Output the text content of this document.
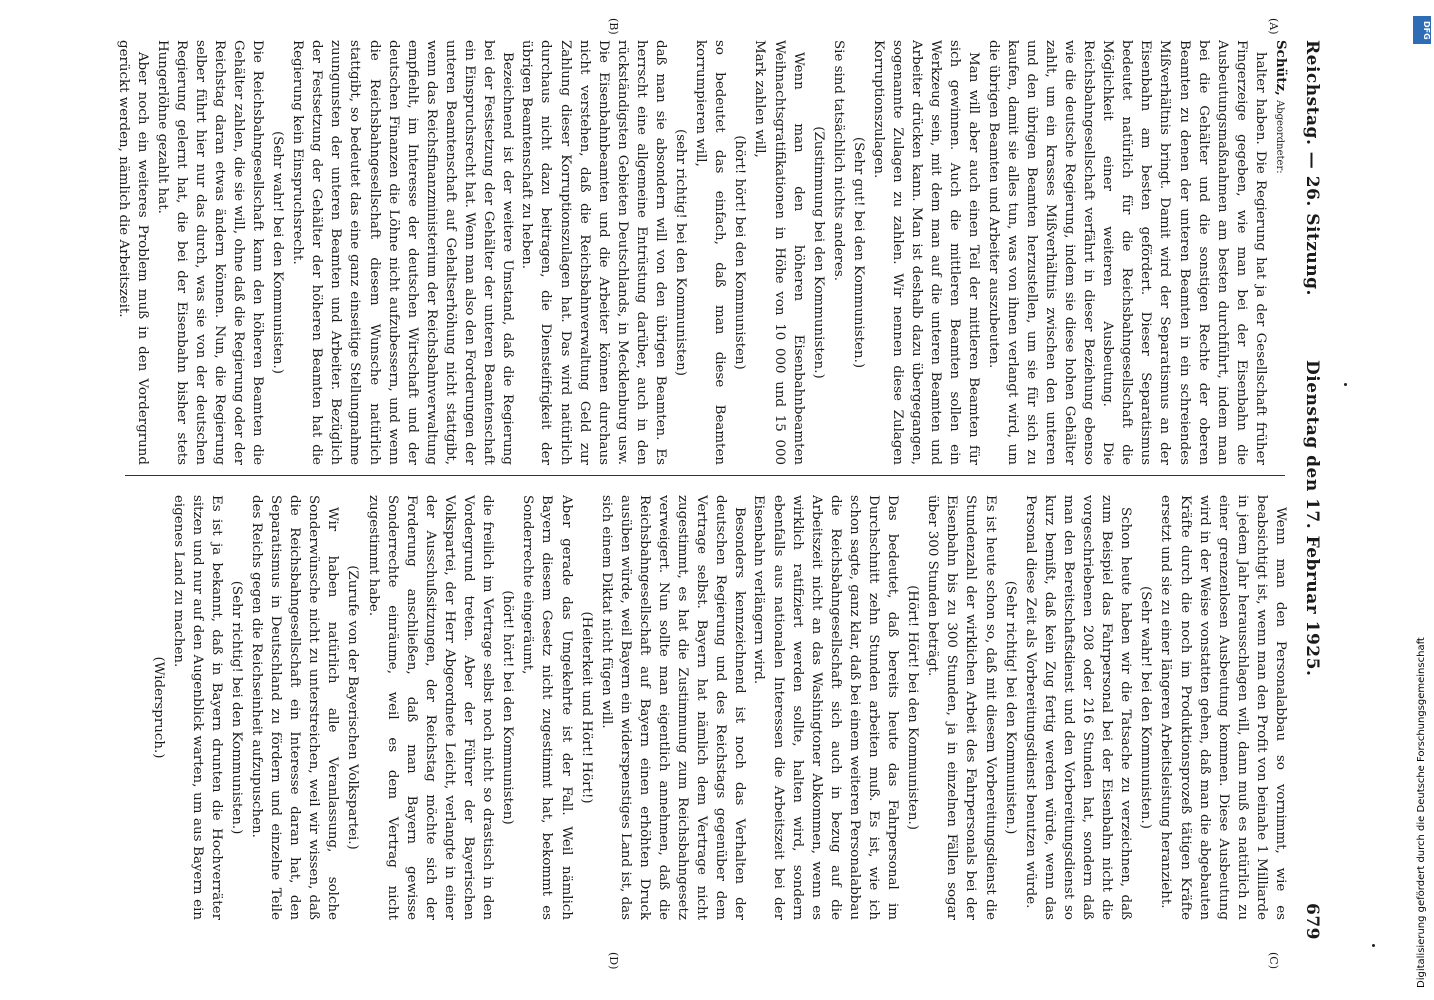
Reichstag. — 26. Sitzung.
Dienstag den 17. Februar 1925.
679
(A)
(B)
(C)
(D)

Schütz, Abgeordneter:

halter haben. Die Regierung hat ja der Gesellschaft früher Fingerzeige gegeben, wie man bei der Eisenbahn die Ausbeutungsmaßnahmen am besten durchführt, indem man bei die Gehälter und die sonstigen Rechte der oberen Beamten zu denen der unteren Beamten in ein schreiendes Mißverhältnis bringt. Damit wird der Separatismus an der Eisenbahn am besten gefördert. Dieser Separatismus bedeutet natürlich für die Reichsbahngesellschaft die Möglichkeit einer weiteren Ausbeutung. Die Reichsbahngesellschaft verfährt in dieser Beziehung ebenso wie die deutsche Regierung, indem sie diese hohen Gehälter zahlt, um ein krasses Mißverhältnis zwischen den unteren und den übrigen Beamten herzustellen, um sie für sich zu kaufen, damit sie alles tun, was von ihnen verlangt wird, um die übrigen Beamten und Arbeiter auszubeuten.

Man will aber auch einen Teil der mittleren Beamten für sich gewinnen. Auch die mittleren Beamten sollen ein Werkzeug sein, mit dem man auf die unteren Beamten und Arbeiter drücken kann. Man ist deshalb dazu übergegangen, sogenannte Zulagen zu zahlen. Wir nennen diese Zulagen Korruptionszulagen.

(Sehr gut! bei den Kommunisten.)

Sie sind tatsächlich nichts anderes.

(Zustimmung bei den Kommunisten.)

Wenn man den höheren Eisenbahnbeamten Weihnachtsgratifikationen in Höhe von 10 000 und 15 000 Mark zahlen will,

(hört! hört! bei den Kommunisten)

so bedeutet das einfach, daß man diese Beamten korrumpieren will,

(sehr richtig! bei den Kommunisten)

daß man sie absondern will von den übrigen Beamten. Es herrscht eine allgemeine Entrüstung darüber, auch in den rückständigsten Gebieten Deutschlands, in Mecklenburg usw. Die Eisenbahnbeamten und die Arbeiter können durchaus nicht verstehen, daß die Reichsbahnverwaltung Geld zur Zahlung dieser Korruptionszulagen hat. Das wird natürlich durchaus nicht dazu beitragen, die Diensteifrigkeit der übrigen Beamtenschaft zu heben.

Bezeichnend ist der weitere Umstand, daß die Regierung bei der Festsetzung der Gehälter der unteren Beamtenschaft ein Einspruchsrecht hat. Wenn man also den Forderungen der unteren Beamtenschaft auf Gehaltserhöhung nicht stattgibt, wenn das Reichsfinanzministerium der Reichsbahnverwaltung empfiehlt, im Interesse der deutschen Wirtschaft und der deutschen Finanzen die Löhne nicht aufzubessern, und wenn die Reichsbahngesellschaft diesem Wunsche natürlich stattgibt, so bedeutet das eine ganz einseitige Stellungnahme zuungunsten der unteren Beamten und Arbeiter. Bezüglich der Festsetzung der Gehälter der höheren Beamten hat die Regierung kein Einspruchsrecht.

(Sehr wahr! bei den Kommunisten.)

Die Reichsbahngesellschaft kann den höheren Beamten die Gehälter zahlen, die sie will, ohne daß die Regierung oder der Reichstag daran etwas ändern können. Nun, die Regierung selber führt hier nur das durch, was sie von der deutschen Regierung gelernt hat, die bei der Eisenbahn bisher stets Hungerlöhne gezahlt hat.

Aber noch ein weiteres Problem muß in den Vordergrund gerückt werden, nämlich die Arbeitszeit.

Wenn man den Personalabbau so vornimmt, wie es beabsichtigt ist, wenn man den Profit von beinahe 1 Milliarde in jedem Jahr herausschlagen will, dann muß es natürlich zu einer grenzenlosen Ausbeutung kommen. Diese Ausbeutung wird in der Weise vonstatten gehen, daß man die abgebauten Kräfte durch die noch im Produktionsprozeß tätigen Kräfte ersetzt und sie zu einer längeren Arbeitsleistung heranzieht.

(Sehr wahr! bei den Kommunisten.)

Schon heute haben wir die Tatsache zu verzeichnen, daß zum Beispiel das Fahrpersonal bei der Eisenbahn nicht die vorgeschriebenen 208 oder 216 Stunden hat, sondern daß man den Bereitschaftsdienst und den Vorbereitungsdienst so kurz bemißt, daß kein Zug fertig werden würde, wenn das Personal diese Zeit als Vorbereitungsdienst benutzen würde.

(Sehr richtig! bei den Kommunisten.)

Es ist heute schon so, daß mit diesem Vorbereitungsdienst die Stundenzahl der wirklichen Arbeit des Fahrpersonals bei der Eisenbahn bis zu 300 Stunden, ja in einzelnen Fällen sogar über 300 Stunden beträgt.

(Hört! Hört! bei den Kommunisten.)

Das bedeutet, daß bereits heute das Fahrpersonal im Durchschnitt zehn Stunden arbeiten muß. Es ist, wie ich schon sagte, ganz klar, daß bei einem weiteren Personalabbau die Reichsbahngesellschaft sich auch in bezug auf die Arbeitszeit nicht an das Washingtoner Abkommen, wenn es wirklich ratifiziert werden sollte, halten wird, sondern ebenfalls aus nationalen Interessen die Arbeitszeit bei der Eisenbahn verlängern wird.

Besonders kennzeichnend ist noch das Verhalten der deutschen Regierung und des Reichstags gegenüber dem Vertrage selbst. Bayern hat nämlich dem Vertrage nicht zugestimmt, es hat die Zustimmung zum Reichsbahngesetz verweigert. Nun sollte man eigentlich annehmen, daß die Reichsbahngesellschaft auf Bayern einen erhöhten Druck ausüben würde, weil Bayern ein widerspenstiges Land ist, das sich einem Diktat nicht fügen will.

(Heiterkeit und Hört! Hört!)

Aber gerade das Umgekehrte ist der Fall. Weil nämlich Bayern diesem Gesetz nicht zugestimmt hat, bekommt es Sonderrechte eingeräumt,

(hört! hört! bei den Kommunisten)

die freilich im Vertrage selbst noch nicht so drastisch in den Vordergrund treten. Aber der Führer der Bayerischen Volkspartei, der Herr Abgeordnete Leicht, verlangte in einer der Ausschußsitzungen, der Reichstag möchte sich der Forderung anschließen, daß man Bayern gewisse Sonderrechte einräume, weil es dem Vertrag nicht zugestimmt habe.

(Zurufe von der Bayerischen Volkspartei.)

Wir haben natürlich alle Veranlassung, solche Sonderwünsche nicht zu unterstreichen, weil wir wissen, daß die Reichsbahngesellschaft ein Interesse daran hat, den Separatismus in Deutschland zu fördern und einzelne Teile des Reichs gegen die Reichseinheit aufzupuschen.

(Sehr richtig! bei den Kommunisten.)

Es ist ja bekannt, daß in Bayern drunten die Hochverräter sitzen und nur auf den Augenblick warten, um aus Bayern ein eigenes Land zu machen.

(Widerspruch.)

DFG
Digitalisierung gefördert durch die Deutsche Forschungsgemeinschaft
